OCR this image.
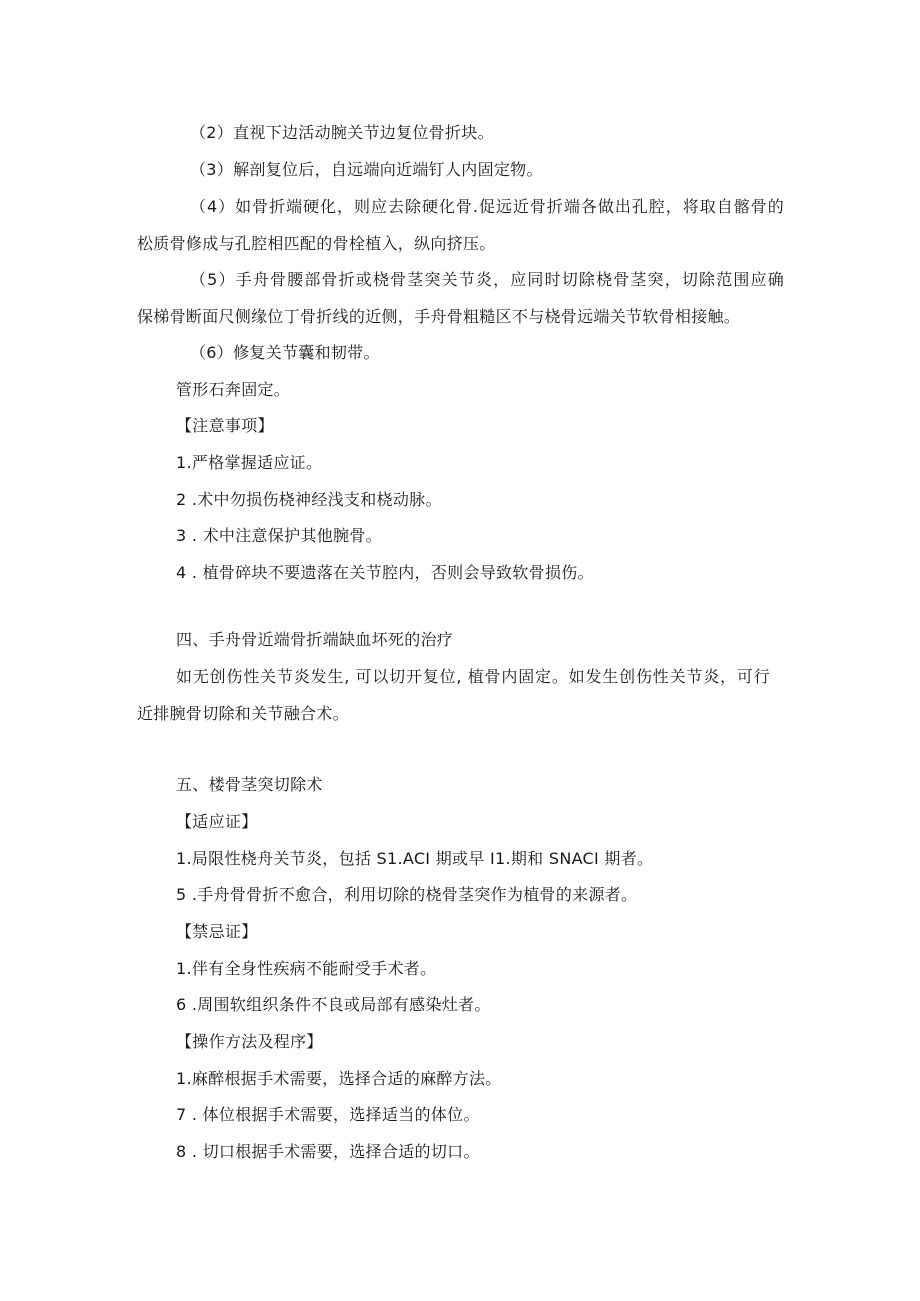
（2）直视下边活动腕关节边复位骨折块。
（3）解剖复位后，自远端向近端钉人内固定物。
（4）如骨折端硬化，则应去除硬化骨.促远近骨折端各做出孔腔，将取自髂骨的
松质骨修成与孔腔相匹配的骨栓植入，纵向挤压。
（5）手舟骨腰部骨折或桡骨茎突关节炎，应同时切除桡骨茎突，切除范围应确
保梯骨断面尺侧缘位丁骨折线的近侧，手舟骨粗糙区不与桡骨远端关节软骨相接触。
（6）修复关节囊和韧带。
管形石奔固定。
【注意事项】
1.严格掌握适应证。
2 .术中勿损伤桡神经浅支和桡动脉。
3 . 术中注意保护其他腕骨。
4 . 植骨碎块不要遗落在关节腔内，否则会导致软骨损伤。
四、手舟骨近端骨折端缺血坏死的治疗
如无创伤性关节炎发生, 可以切开复位, 植骨内固定。如发生创伤性关节炎，可行
近排腕骨切除和关节融合术。
五、楼骨茎突切除术
【适应证】
1.局限性桡舟关节炎，包括 S1.ACI 期或早 I1.期和 SNACI 期者。
5 .手舟骨骨折不愈合，利用切除的桡骨茎突作为植骨的来源者。
【禁忌证】
1.伴有全身性疾病不能耐受手术者。
6 .周围软组织条件不良或局部有感染灶者。
【操作方法及程序】
1.麻醉根据手术需要，选择合适的麻醉方法。
7 . 体位根据手术需要，选择适当的体位。
8 . 切口根据手术需要，选择合适的切口。
